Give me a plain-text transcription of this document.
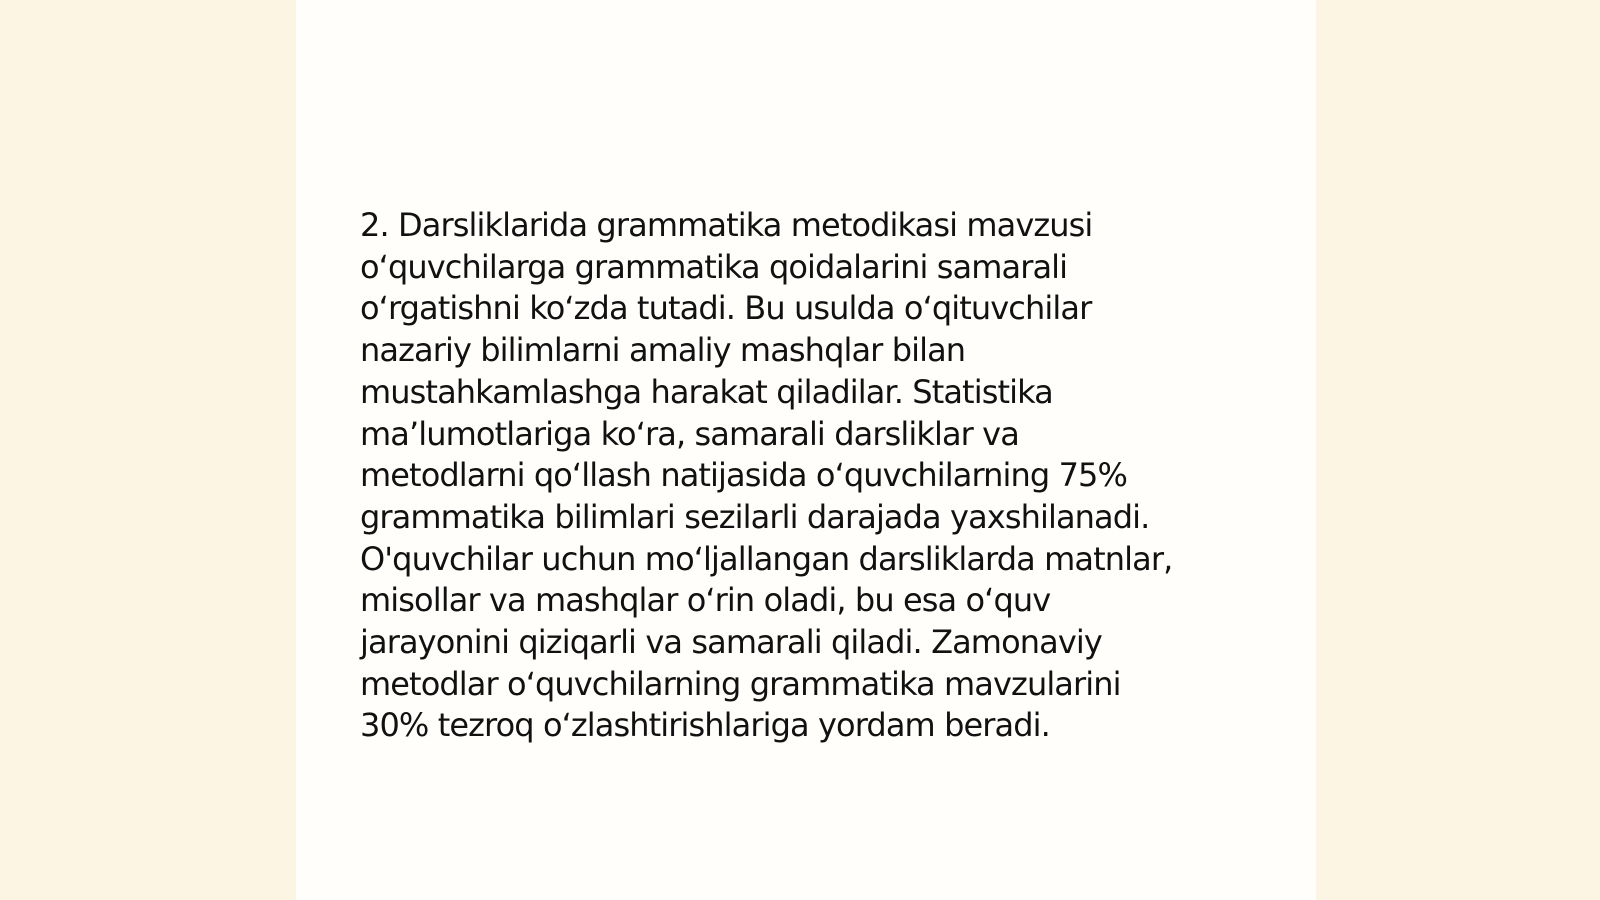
2. Darsliklarida grammatika metodikasi mavzusi
o‘quvchilarga grammatika qoidalarini samarali
o‘rgatishni ko‘zda tutadi. Bu usulda o‘qituvchilar
nazariy bilimlarni amaliy mashqlar bilan
mustahkamlashga harakat qiladilar. Statistika
ma’lumotlariga ko‘ra, samarali darsliklar va
metodlarni qo‘llash natijasida o‘quvchilarning 75%
grammatika bilimlari sezilarli darajada yaxshilanadi.
O'quvchilar uchun mo‘ljallangan darsliklarda matnlar,
misollar va mashqlar o‘rin oladi, bu esa o‘quv
jarayonini qiziqarli va samarali qiladi. Zamonaviy
metodlar o‘quvchilarning grammatika mavzularini
30% tezroq o‘zlashtirishlariga yordam beradi.
